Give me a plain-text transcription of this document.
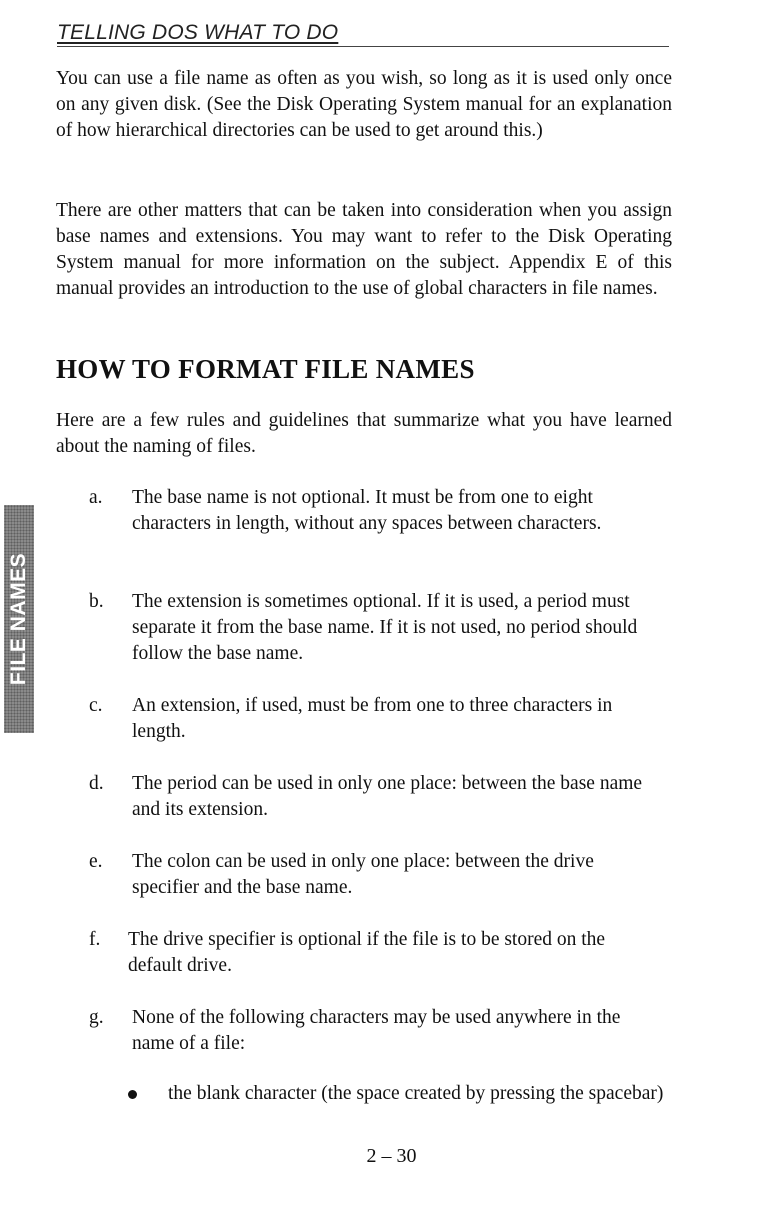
TELLING DOS WHAT TO DO

You can use a file name as often as you wish, so long as it is used only once on any given disk. (See the Disk Operating System manual for an explanation of how hierarchical directories can be used to get around this.)

There are other matters that can be taken into consideration when you assign base names and extensions. You may want to refer to the Disk Operating System manual for more information on the subject. Appendix E of this manual provides an introduction to the use of global characters in file names.

HOW TO FORMAT FILE NAMES

Here are a few rules and guidelines that summarize what you have learned about the naming of files.

a.	The base name is not optional. It must be from one to eight characters in length, without any spaces between characters.
b.	The extension is sometimes optional. If it is used, a period must separate it from the base name. If it is not used, no period should follow the base name.
c.	An extension, if used, must be from one to three characters in length.
d.	The period can be used in only one place: between the base name and its extension.
e.	The colon can be used in only one place: between the drive specifier and the base name.
f.	The drive specifier is optional if the file is to be stored on the default drive.
g.	None of the following characters may be used anywhere in the name of a file:
the blank character (the space created by pressing the spacebar)
FILE NAMES
2 – 30
